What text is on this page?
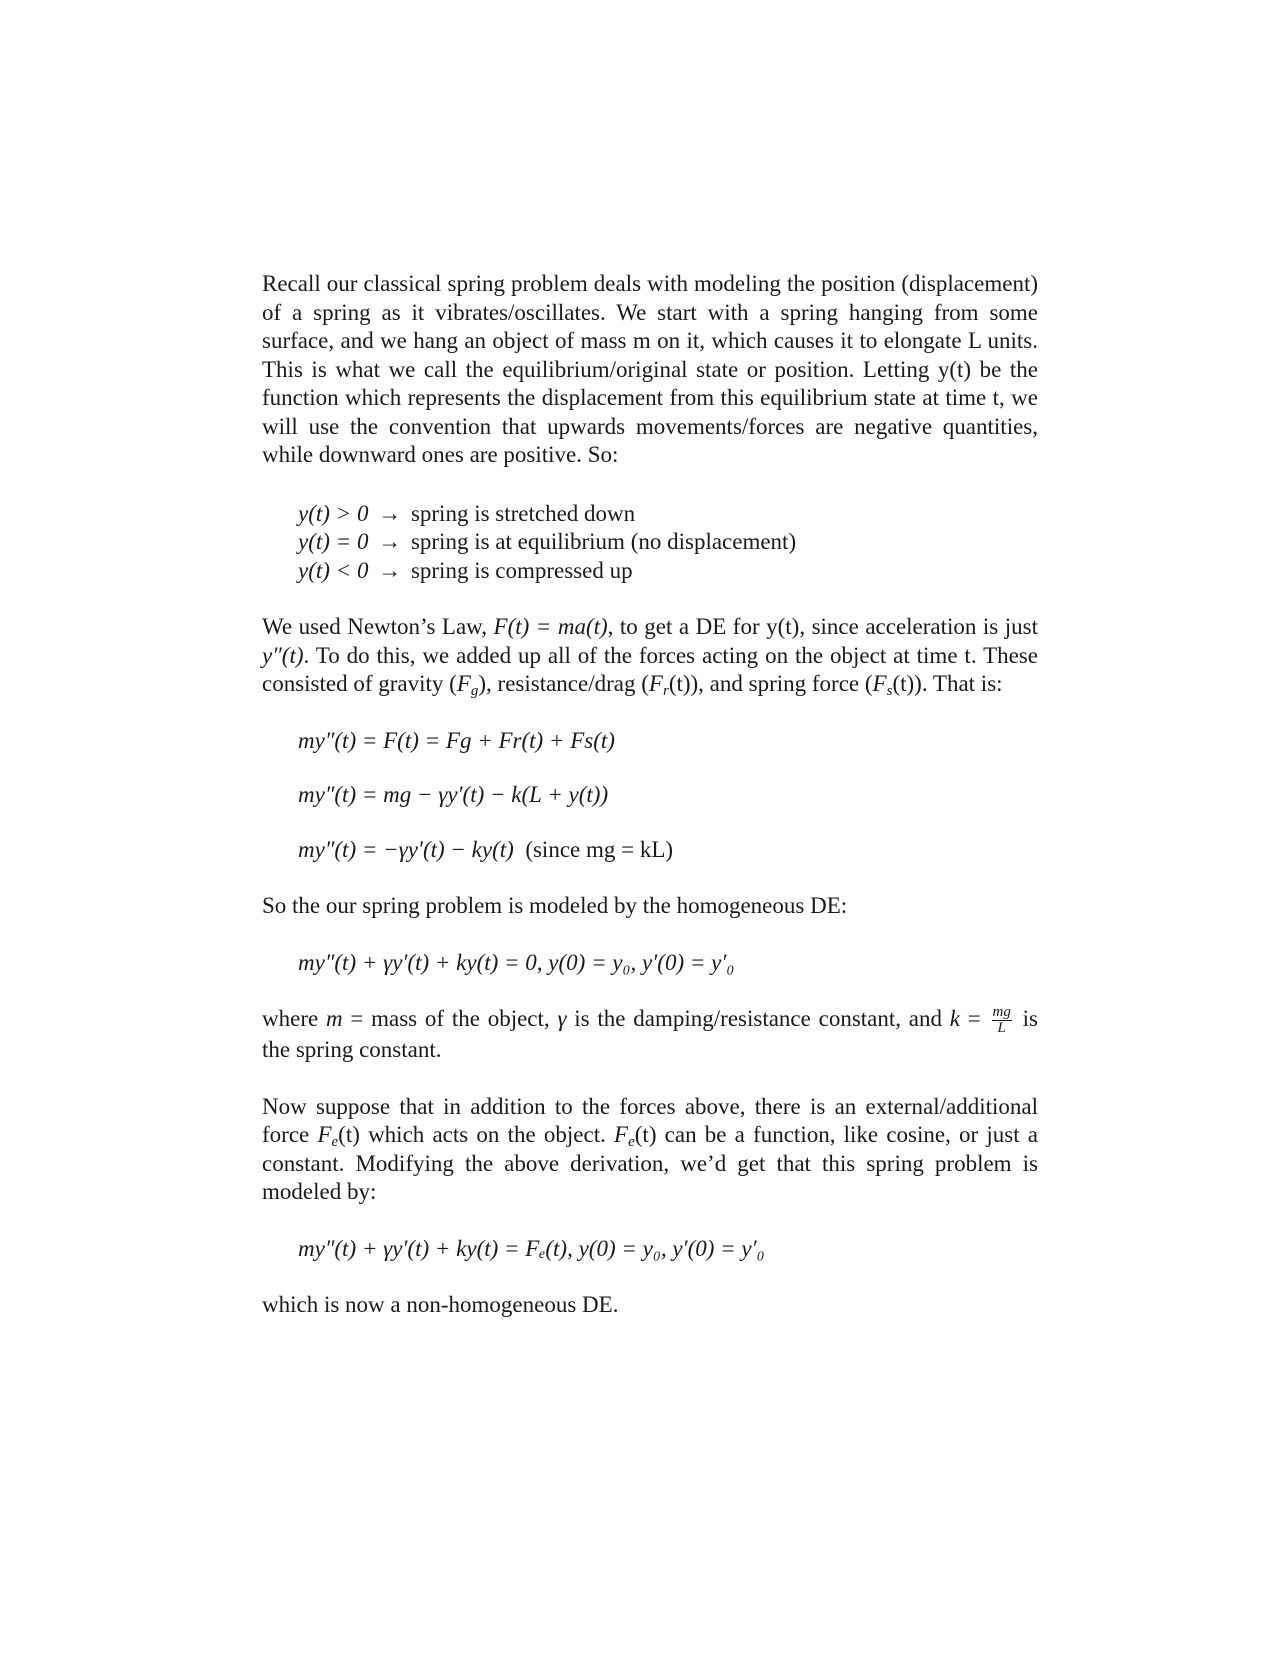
Recall our classical spring problem deals with modeling the position (displacement) of a spring as it vibrates/oscillates. We start with a spring hanging from some surface, and we hang an object of mass m on it, which causes it to elongate L units. This is what we call the equilibrium/original state or position. Letting y(t) be the function which represents the displacement from this equilibrium state at time t, we will use the convention that upwards movements/forces are negative quantities, while downward ones are positive. So:

y(t) > 0 → spring is stretched down
y(t) = 0 → spring is at equilibrium (no displacement)
y(t) < 0 → spring is compressed up

We used Newton’s Law, F(t) = ma(t), to get a DE for y(t), since acceleration is just y″(t). To do this, we added up all of the forces acting on the object at time t. These consisted of gravity $(F_g)$, resistance/drag $(F_r(t))$, and spring force $(F_s(t))$. That is:

my″(t) = F(t) = Fg + Fr(t) + Fs(t)
my″(t) = mg − γy′(t) − k(L + y(t))
my″(t) = −γy′(t) − ky(t) (since mg = kL)

So the our spring problem is modeled by the homogeneous DE:

my″(t) + γy′(t) + ky(t) = 0, y(0) = y₀, y′(0) = y′₀

where m = mass of the object, γ is the damping/resistance constant, and $k = \frac{mg}{L}$ is the spring constant.

Now suppose that in addition to the forces above, there is an external/additional force $F_e(t)$ which acts on the object. $F_e(t)$ can be a function, like cosine, or just a constant. Modifying the above derivation, we’d get that this spring problem is modeled by:

my″(t) + γy′(t) + ky(t) = Fₑ(t), y(0) = y₀, y′(0) = y′₀

which is now a non-homogeneous DE.
